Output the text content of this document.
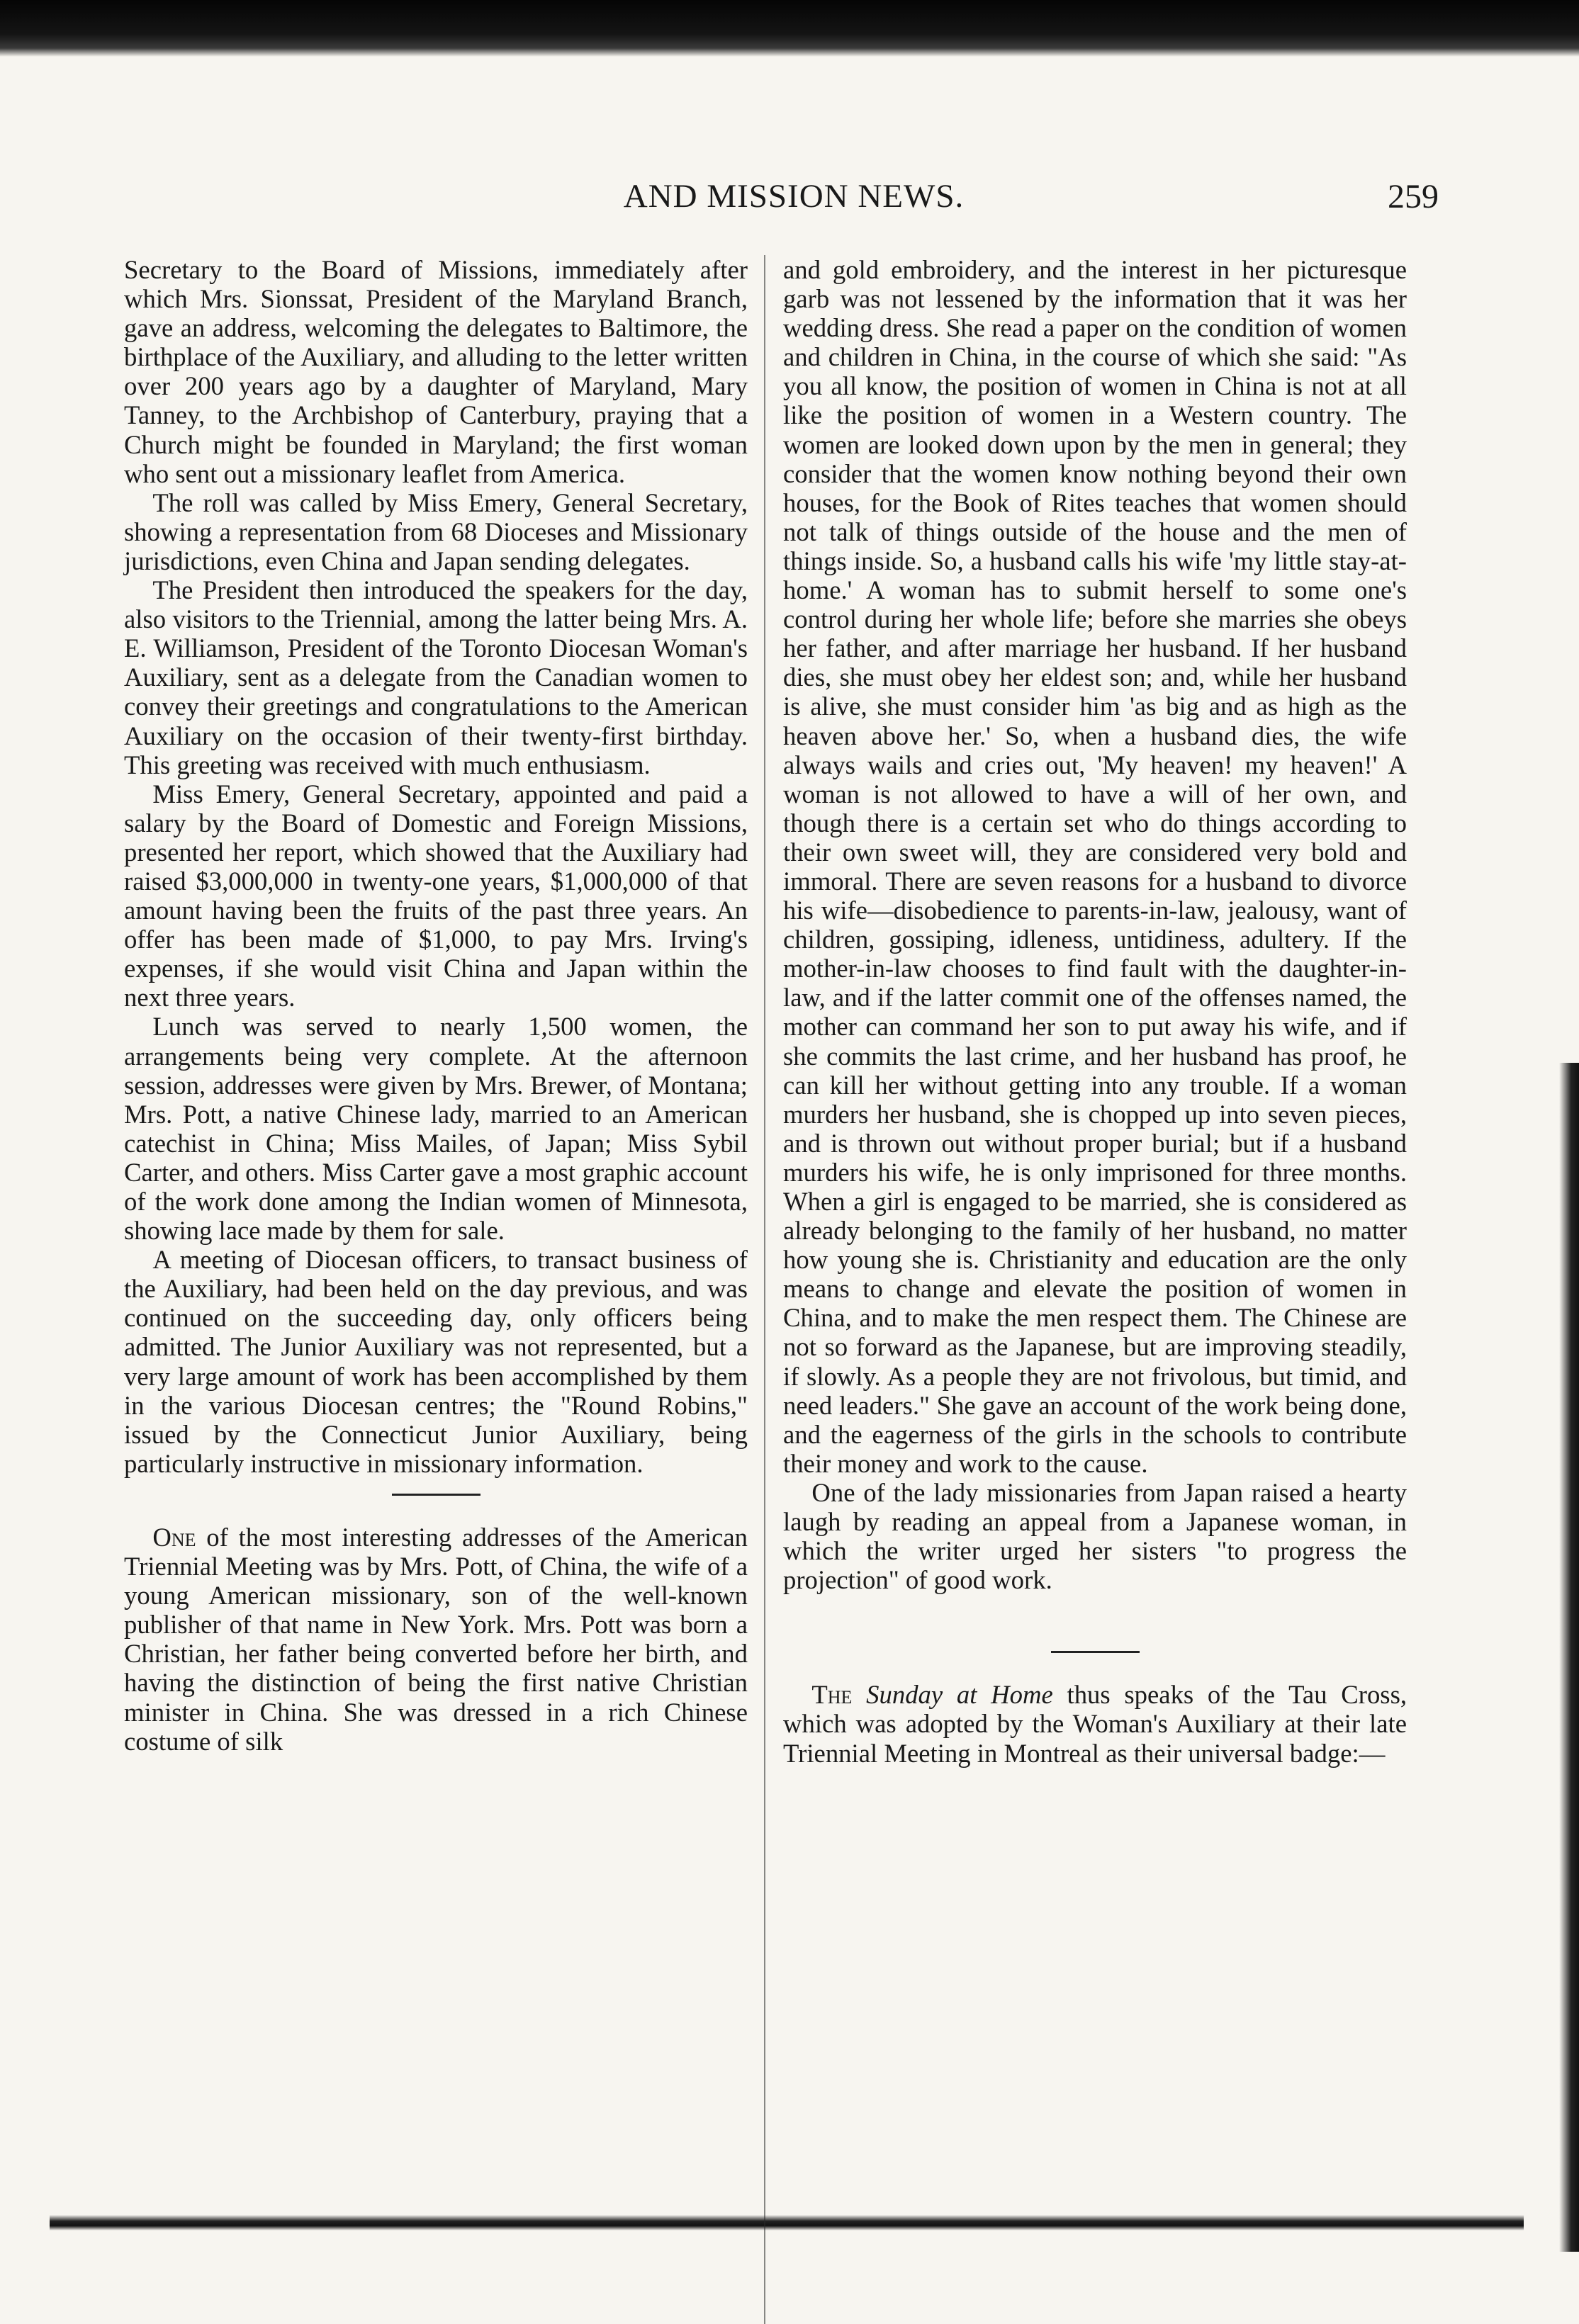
AND MISSION NEWS.	259

Secretary to the Board of Missions, immediately after which Mrs. Sionssat, President of the Maryland Branch, gave an address, welcoming the delegates to Baltimore, the birthplace of the Auxiliary, and alluding to the letter written over 200 years ago by a daughter of Maryland, Mary Tanney, to the Archbishop of Canterbury, praying that a Church might be founded in Maryland; the first woman who sent out a missionary leaflet from America.

The roll was called by Miss Emery, General Secretary, showing a representation from 68 Dioceses and Missionary jurisdictions, even China and Japan sending delegates.

The President then introduced the speakers for the day, also visitors to the Triennial, among the latter being Mrs. A. E. Williamson, President of the Toronto Diocesan Woman's Auxiliary, sent as a delegate from the Canadian women to convey their greetings and congratulations to the American Auxiliary on the occasion of their twenty-first birthday. This greeting was received with much enthusiasm.

Miss Emery, General Secretary, appointed and paid a salary by the Board of Domestic and Foreign Missions, presented her report, which showed that the Auxiliary had raised $3,000,000 in twenty-one years, $1,000,000 of that amount having been the fruits of the past three years. An offer has been made of $1,000, to pay Mrs. Irving's expenses, if she would visit China and Japan within the next three years.

Lunch was served to nearly 1,500 women, the arrangements being very complete. At the afternoon session, addresses were given by Mrs. Brewer, of Montana; Mrs. Pott, a native Chinese lady, married to an American catechist in China; Miss Mailes, of Japan; Miss Sybil Carter, and others. Miss Carter gave a most graphic account of the work done among the Indian women of Minnesota, showing lace made by them for sale.

A meeting of Diocesan officers, to transact business of the Auxiliary, had been held on the day previous, and was continued on the succeeding day, only officers being admitted. The Junior Auxiliary was not represented, but a very large amount of work has been accomplished by them in the various Diocesan centres; the "Round Robins," issued by the Connecticut Junior Auxiliary, being particularly instructive in missionary information.

One of the most interesting addresses of the American Triennial Meeting was by Mrs. Pott, of China, the wife of a young American missionary, son of the well-known publisher of that name in New York. Mrs. Pott was born a Christian, her father being converted before her birth, and having the distinction of being the first native Christian minister in China. She was dressed in a rich Chinese costume of silk

and gold embroidery, and the interest in her picturesque garb was not lessened by the information that it was her wedding dress. She read a paper on the condition of women and children in China, in the course of which she said: "As you all know, the position of women in China is not at all like the position of women in a Western country. The women are looked down upon by the men in general; they consider that the women know nothing beyond their own houses, for the Book of Rites teaches that women should not talk of things outside of the house and the men of things inside. So, a husband calls his wife 'my little stay-at-home.' A woman has to submit herself to some one's control during her whole life; before she marries she obeys her father, and after marriage her husband. If her husband dies, she must obey her eldest son; and, while her husband is alive, she must consider him 'as big and as high as the heaven above her.' So, when a husband dies, the wife always wails and cries out, 'My heaven! my heaven!' A woman is not allowed to have a will of her own, and though there is a certain set who do things according to their own sweet will, they are considered very bold and immoral. There are seven reasons for a husband to divorce his wife—disobedience to parents-in-law, jealousy, want of children, gossiping, idleness, untidiness, adultery. If the mother-in-law chooses to find fault with the daughter-in-law, and if the latter commit one of the offenses named, the mother can command her son to put away his wife, and if she commits the last crime, and her husband has proof, he can kill her without getting into any trouble. If a woman murders her husband, she is chopped up into seven pieces, and is thrown out without proper burial; but if a husband murders his wife, he is only imprisoned for three months. When a girl is engaged to be married, she is considered as already belonging to the family of her husband, no matter how young she is. Christianity and education are the only means to change and elevate the position of women in China, and to make the men respect them. The Chinese are not so forward as the Japanese, but are improving steadily, if slowly. As a people they are not frivolous, but timid, and need leaders." She gave an account of the work being done, and the eagerness of the girls in the schools to contribute their money and work to the cause.

One of the lady missionaries from Japan raised a hearty laugh by reading an appeal from a Japanese woman, in which the writer urged her sisters "to progress the projection" of good work.

The Sunday at Home thus speaks of the Tau Cross, which was adopted by the Woman's Auxiliary at their late Triennial Meeting in Montreal as their universal badge:—
